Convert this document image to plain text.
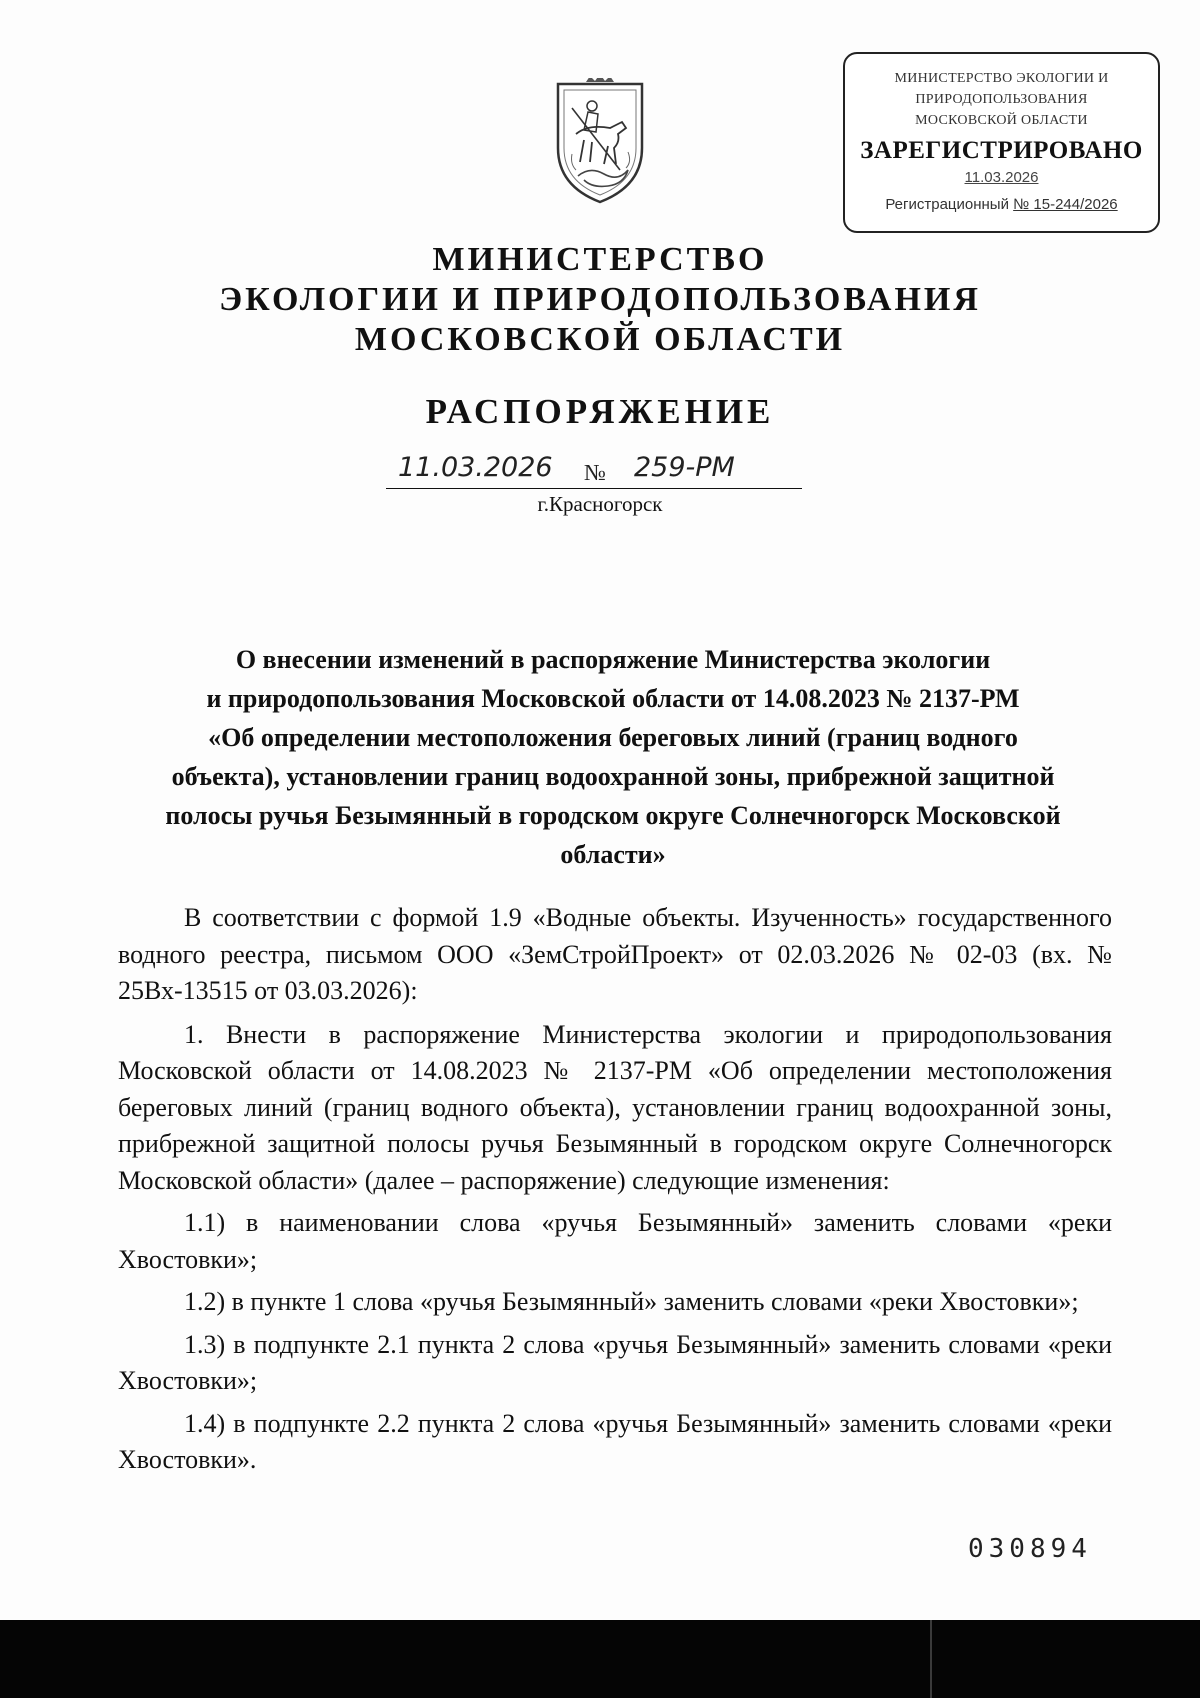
МИНИСТЕРСТВО ЭКОЛОГИИ И
ПРИРОДОПОЛЬЗОВАНИЯ
МОСКОВСКОЙ ОБЛАСТИ
ЗАРЕГИСТРИРОВАНО
11.03.2026
Регистрационный № 15-244/2026
МИНИСТЕРСТВО
ЭКОЛОГИИ И ПРИРОДОПОЛЬЗОВАНИЯ
МОСКОВСКОЙ ОБЛАСТИ
РАСПОРЯЖЕНИЕ
11.03.2026 № 259-РМ
г.Красногорск
О внесении изменений в распоряжение Министерства экологии
и природопользования Московской области от 14.08.2023 № 2137-РМ
«Об определении местоположения береговых линий (границ водного
объекта), установлении границ водоохранной зоны, прибрежной защитной
полосы ручья Безымянный в городском округе Солнечногорск Московской
области»

В соответствии с формой 1.9 «Водные объекты. Изученность» государственного водного реестра, письмом ООО «ЗемСтройПроект» от 02.03.2026 № 02-03 (вх. № 25Вх-13515 от 03.03.2026):

1. Внести в распоряжение Министерства экологии и природопользования Московской области от 14.08.2023 № 2137-РМ «Об определении местоположения береговых линий (границ водного объекта), установлении границ водоохранной зоны, прибрежной защитной полосы ручья Безымянный в городском округе Солнечногорск Московской области» (далее – распоряжение) следующие изменения:

1.1) в наименовании слова «ручья Безымянный» заменить словами «реки Хвостовки»;

1.2) в пункте 1 слова «ручья Безымянный» заменить словами «реки Хвостовки»;

1.3) в подпункте 2.1 пункта 2 слова «ручья Безымянный» заменить словами «реки Хвостовки»;

1.4) в подпункте 2.2 пункта 2 слова «ручья Безымянный» заменить словами «реки Хвостовки».

030894
